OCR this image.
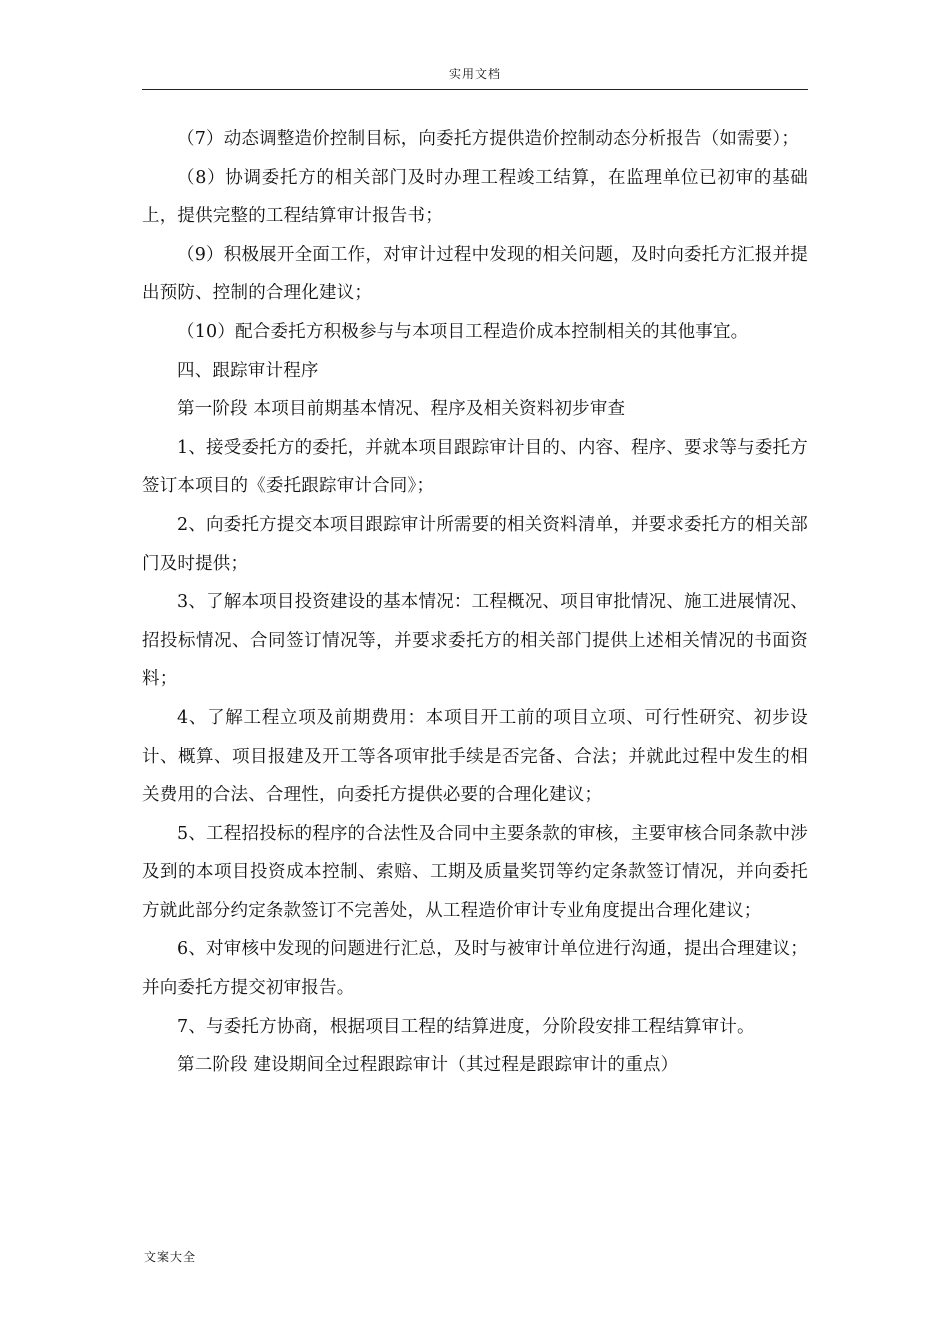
实用文档

（7）动态调整造价控制目标，向委托方提供造价控制动态分析报告（如需要）；

（8）协调委托方的相关部门及时办理工程竣工结算，在监理单位已初审的基础上，提供完整的工程结算审计报告书；

（9）积极展开全面工作，对审计过程中发现的相关问题，及时向委托方汇报并提出预防、控制的合理化建议；

（10）配合委托方积极参与与本项目工程造价成本控制相关的其他事宜。

四、跟踪审计程序

第一阶段 本项目前期基本情况、程序及相关资料初步审查

1、接受委托方的委托，并就本项目跟踪审计目的、内容、程序、要求等与委托方签订本项目的《委托跟踪审计合同》；

2、向委托方提交本项目跟踪审计所需要的相关资料清单，并要求委托方的相关部门及时提供；

3、了解本项目投资建设的基本情况：工程概况、项目审批情况、施工进展情况、招投标情况、合同签订情况等，并要求委托方的相关部门提供上述相关情况的书面资料；

4、了解工程立项及前期费用：本项目开工前的项目立项、可行性研究、初步设计、概算、项目报建及开工等各项审批手续是否完备、合法；并就此过程中发生的相关费用的合法、合理性，向委托方提供必要的合理化建议；

5、工程招投标的程序的合法性及合同中主要条款的审核，主要审核合同条款中涉及到的本项目投资成本控制、索赔、工期及质量奖罚等约定条款签订情况，并向委托方就此部分约定条款签订不完善处，从工程造价审计专业角度提出合理化建议；

6、对审核中发现的问题进行汇总，及时与被审计单位进行沟通，提出合理建议；并向委托方提交初审报告。

7、与委托方协商，根据项目工程的结算进度，分阶段安排工程结算审计。

第二阶段 建设期间全过程跟踪审计（其过程是跟踪审计的重点）

文案大全
